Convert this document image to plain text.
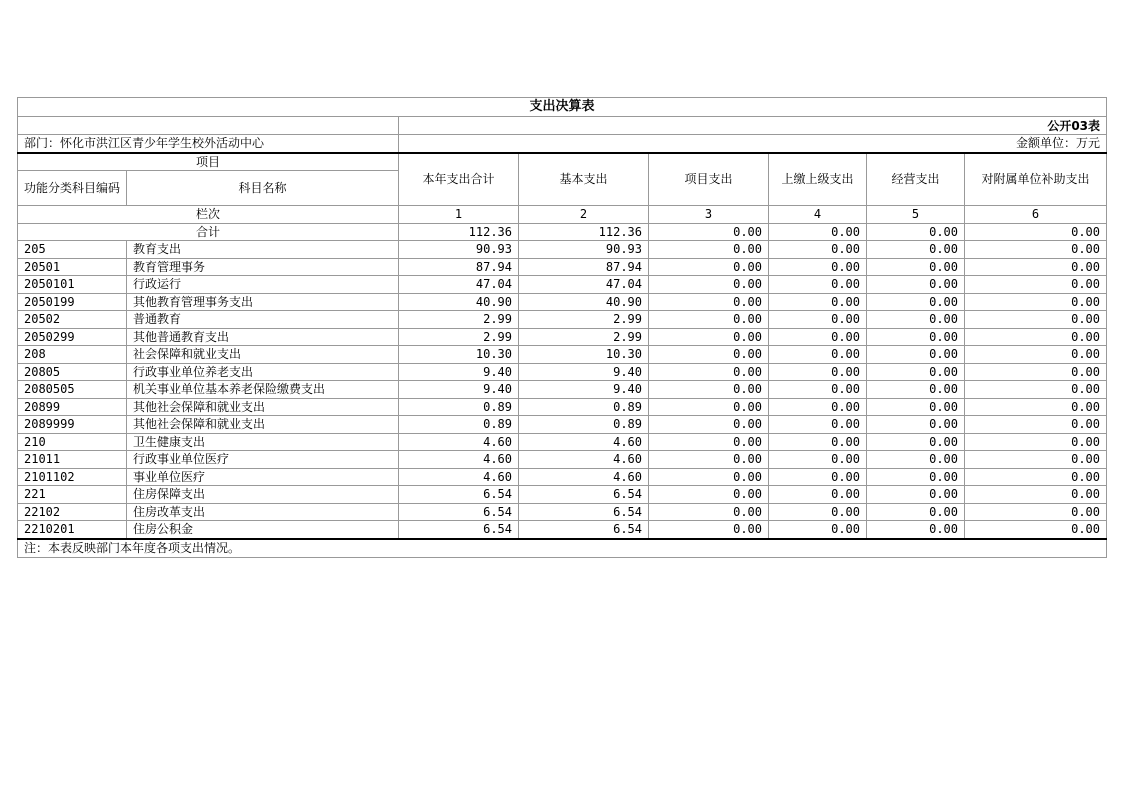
支出决算表							
		公开03表					
部门：怀化市洪江区青少年学生校外活动中心		金额单位：万元					
项目		本年支出合计	基本支出	项目支出	上缴上级支出	经营支出	对附属单位补助支出
功能分类科目编码	科目名称						
栏次		1	2	3	4	5	6
合计		112.36	112.36	0.00	0.00	0.00	0.00
205	教育支出	90.93	90.93	0.00	0.00	0.00	0.00
20501	教育管理事务	87.94	87.94	0.00	0.00	0.00	0.00
2050101	行政运行	47.04	47.04	0.00	0.00	0.00	0.00
2050199	其他教育管理事务支出	40.90	40.90	0.00	0.00	0.00	0.00
20502	普通教育	2.99	2.99	0.00	0.00	0.00	0.00
2050299	其他普通教育支出	2.99	2.99	0.00	0.00	0.00	0.00
208	社会保障和就业支出	10.30	10.30	0.00	0.00	0.00	0.00
20805	行政事业单位养老支出	9.40	9.40	0.00	0.00	0.00	0.00
2080505	机关事业单位基本养老保险缴费支出	9.40	9.40	0.00	0.00	0.00	0.00
20899	其他社会保障和就业支出	0.89	0.89	0.00	0.00	0.00	0.00
2089999	其他社会保障和就业支出	0.89	0.89	0.00	0.00	0.00	0.00
210	卫生健康支出	4.60	4.60	0.00	0.00	0.00	0.00
21011	行政事业单位医疗	4.60	4.60	0.00	0.00	0.00	0.00
2101102	事业单位医疗	4.60	4.60	0.00	0.00	0.00	0.00
221	住房保障支出	6.54	6.54	0.00	0.00	0.00	0.00
22102	住房改革支出	6.54	6.54	0.00	0.00	0.00	0.00
2210201	住房公积金	6.54	6.54	0.00	0.00	0.00	0.00
注：本表反映部门本年度各项支出情况。							
